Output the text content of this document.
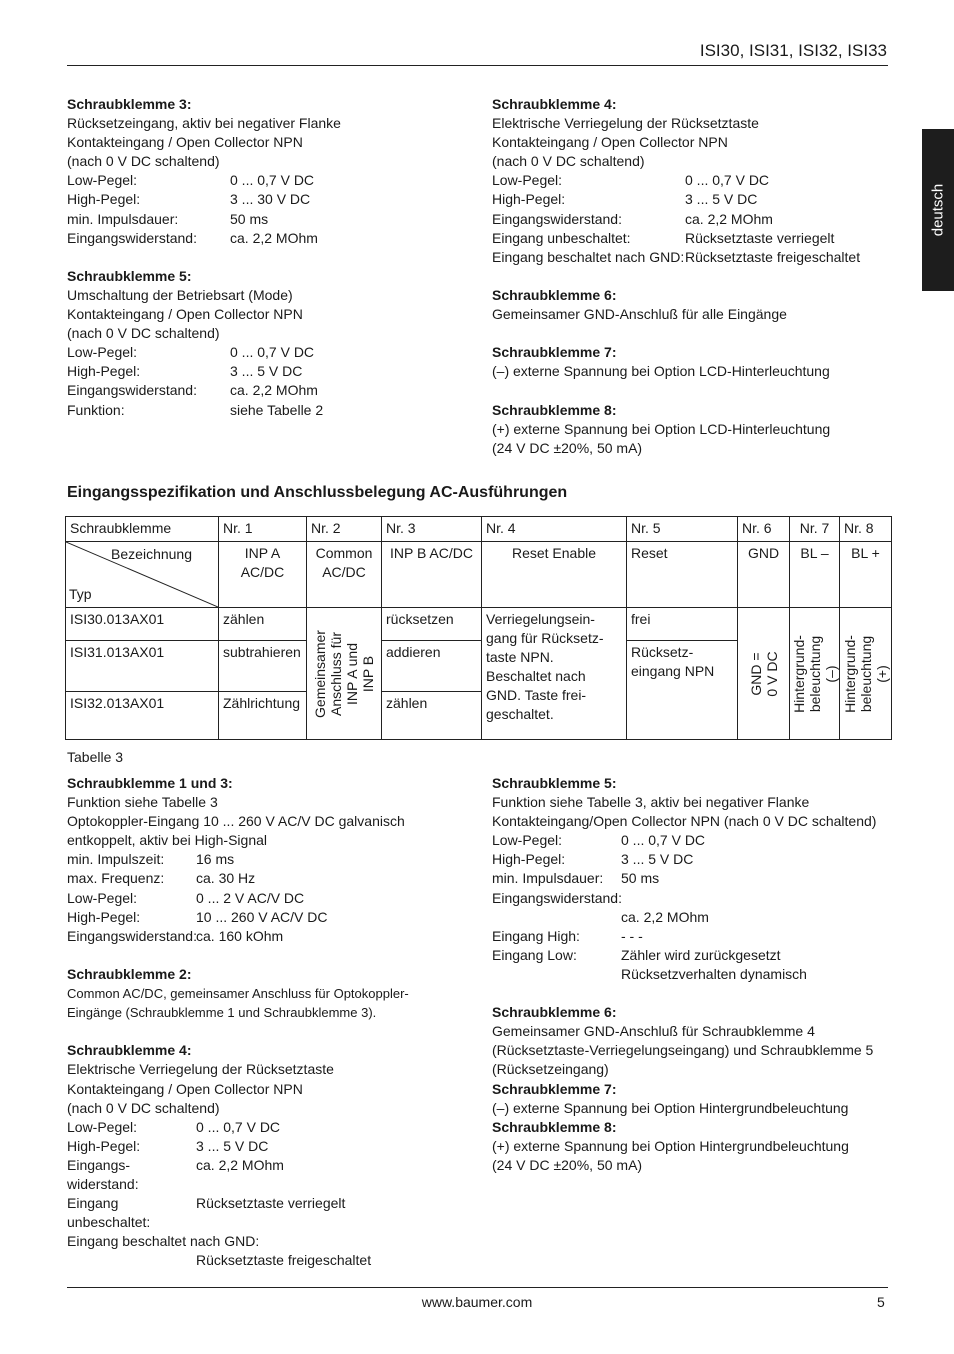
ISI30, ISI31, ISI32, ISI33
deutsch
Schraubklemme 3:
Rücksetzeingang, aktiv bei negativer Flanke
Kontakteingang / Open Collector NPN
(nach 0 V DC schaltend)
Low-Pegel:	0 ... 0,7 V DC
High-Pegel:	3 ... 30 V DC
min. Impulsdauer:	50 ms
Eingangswiderstand:	ca. 2,2 MOhm
Schraubklemme 5:
Umschaltung der Betriebsart (Mode)
Kontakteingang / Open Collector NPN
(nach 0 V DC schaltend)
Low-Pegel:	0 ... 0,7 V DC
High-Pegel:	3 ... 5 V DC
Eingangswiderstand:	ca. 2,2 MOhm
Funktion:	siehe Tabelle 2
Schraubklemme 4:
Elektrische Verriegelung der Rücksetztaste
Kontakteingang / Open Collector NPN
(nach 0 V DC schaltend)
Low-Pegel:	0 ... 0,7 V DC
High-Pegel:	3 ... 5 V DC
Eingangswiderstand:	ca. 2,2 MOhm
Eingang unbeschaltet:	Rücksetztaste verriegelt
Eingang beschaltet nach GND: Rücksetztaste freigeschaltet
Schraubklemme 6:
Gemeinsamer GND-Anschluß für alle Eingänge
Schraubklemme 7:
(–) externe Spannung bei Option LCD-Hinterleuchtung
Schraubklemme 8:
(+) externe Spannung bei Option LCD-Hinterleuchtung
(24 V DC ±20%, 50 mA)
Eingangsspezifikation und Anschlussbelegung AC-Ausführungen
Schraubklemme	Nr. 1	Nr. 2	Nr. 3	Nr. 4	Nr. 5	Nr. 6	Nr. 7	Nr. 8

Bezeichnung
Typ	INP A AC/DC	Common AC/DC	INP B AC/DC	Reset Enable	Reset	GND	BL –	BL +
ISI30.013AX01	zählen	Gemeinsamer Anschluss für INP A und INP B	rücksetzen	Verriegelungsein-gang für Rücksetz-taste NPN. Beschaltet nach GND. Taste frei-geschaltet.	frei	GND = 0 V DC	Hintergrund-beleuchtung (–)	Hintergrund-beleuchtung (+)

ISI31.013AX01	subtrahieren		addieren		Rücksetz-eingang NPN			
ISI32.013AX01	Zählrichtung		zählen					
Tabelle 3
Schraubklemme 1 und 3:
Funktion siehe Tabelle 3
Optokoppler-Eingang 10 ... 260 V AC/V DC galvanisch
entkoppelt, aktiv bei High-Signal
min. Impulszeit:	16 ms
max. Frequenz:	ca. 30 Hz
Low-Pegel:	0 ... 2 V AC/V DC
High-Pegel:	10 ... 260 V AC/V DC
Eingangswiderstand: ca. 160 kOhm
Schraubklemme 2:
Common AC/DC, gemeinsamer Anschluss für Optokoppler-
Eingänge (Schraubklemme 1 und Schraubklemme 3).
Schraubklemme 4:
Elektrische Verriegelung der Rücksetztaste
Kontakteingang / Open Collector NPN
(nach 0 V DC schaltend)
Low-Pegel:	0 ... 0,7 V DC
High-Pegel:	3 ... 5 V DC
Eingangs-	ca. 2,2 MOhm
widerstand:
Eingang	Rücksetztaste verriegelt
unbeschaltet:
Eingang beschaltet nach GND:
Rücksetztaste freigeschaltet
Schraubklemme 5:
Funktion siehe Tabelle 3, aktiv bei negativer Flanke
Kontakteingang/Open Collector NPN (nach 0 V DC schaltend)
Low-Pegel:	0 ... 0,7 V DC
High-Pegel:	3 ... 5 V DC
min. Impulsdauer:	50 ms
Eingangswiderstand:
ca. 2,2 MOhm
Eingang High:	- - -
Eingang Low:	Zähler wird zurückgesetzt
Rücksetzverhalten dynamisch
Schraubklemme 6:
Gemeinsamer GND-Anschluß für Schraubklemme 4
(Rücksetztaste-Verriegelungseingang) und Schraubklemme 5
(Rücksetzeingang)
Schraubklemme 7:
(–) externe Spannung bei Option Hintergrundbeleuchtung
Schraubklemme 8:
(+) externe Spannung bei Option Hintergrundbeleuchtung
(24 V DC ±20%, 50 mA)
www.baumer.com	5
